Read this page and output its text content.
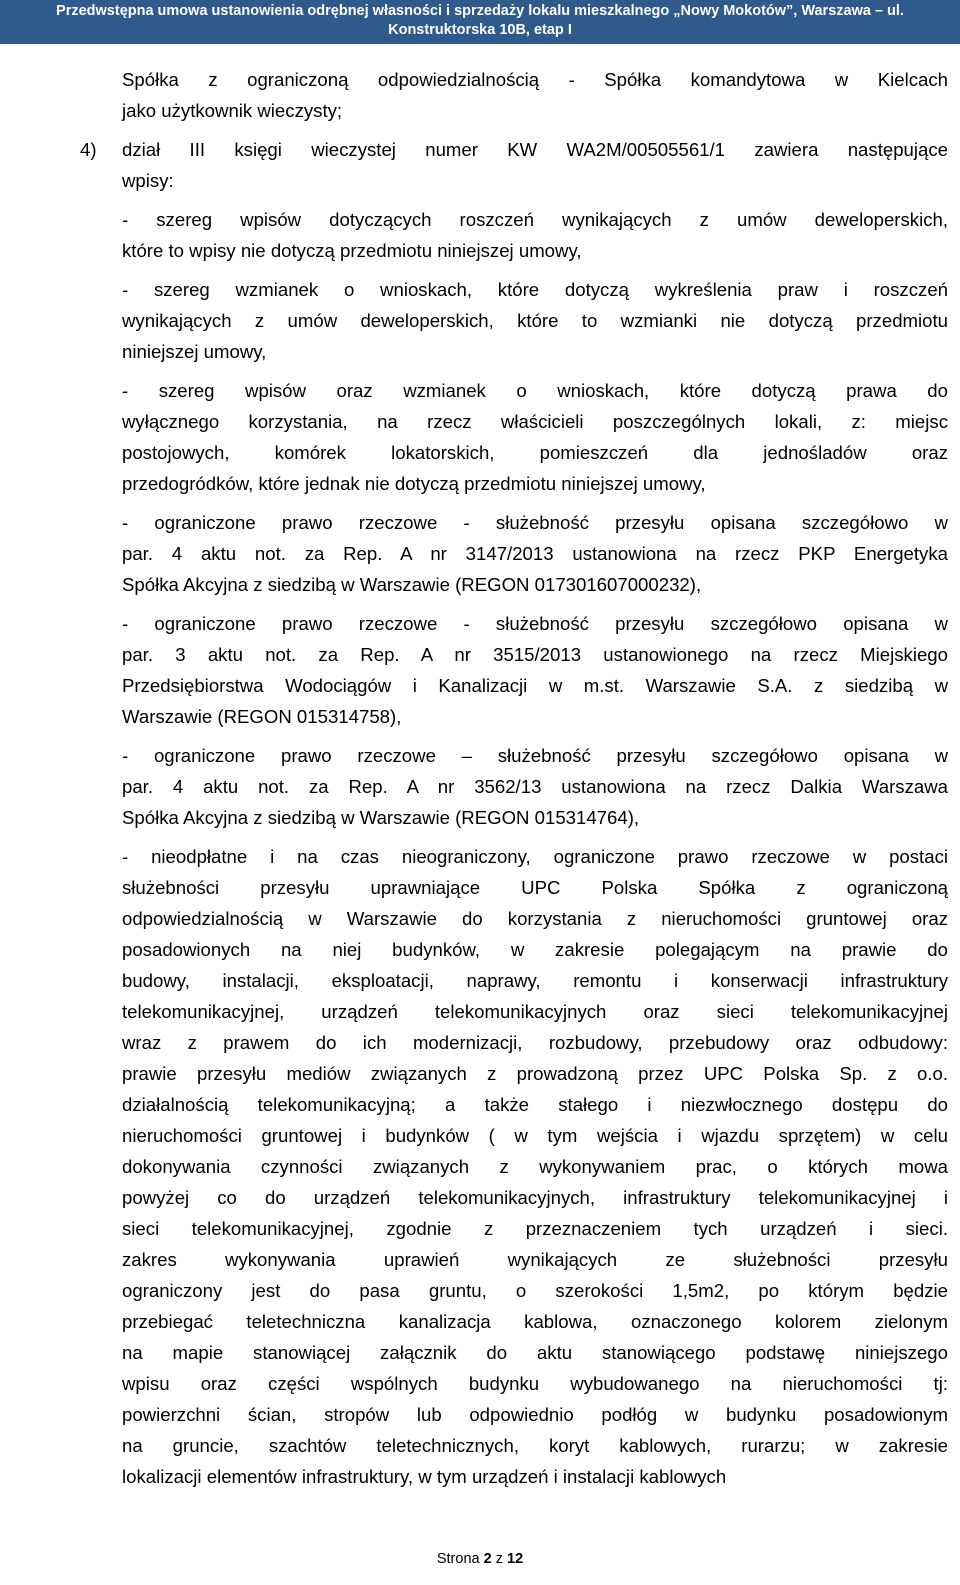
Przedwstępna umowa ustanowienia odrębnej własności i sprzedaży lokalu mieszkalnego „Nowy Mokotów”, Warszawa – ul.
Konstruktorska 10B, etap I
Spółka z ograniczoną odpowiedzialnością - Spółka komandytowa w Kielcach
jako użytkownik wieczysty;
4)	dział III księgi wieczystej numer KW WA2M/00505561/1 zawiera następujące
wpisy:
- szereg wpisów dotyczących roszczeń wynikających z umów deweloperskich,
które to wpisy nie dotyczą przedmiotu niniejszej umowy,
- szereg wzmianek o wnioskach, które dotyczą wykreślenia praw i roszczeń
wynikających z umów deweloperskich, które to wzmianki nie dotyczą przedmiotu
niniejszej umowy,
- szereg wpisów oraz wzmianek o wnioskach, które dotyczą prawa do
wyłącznego korzystania, na rzecz właścicieli poszczególnych lokali, z: miejsc
postojowych, komórek lokatorskich, pomieszczeń dla jednośladów oraz
przedogródków, które jednak nie dotyczą przedmiotu niniejszej umowy,
- ograniczone prawo rzeczowe - służebność przesyłu opisana szczegółowo w
par. 4 aktu not. za Rep. A nr 3147/2013 ustanowiona na rzecz PKP Energetyka
Spółka Akcyjna z siedzibą w Warszawie (REGON 017301607000232),
- ograniczone prawo rzeczowe - służebność przesyłu szczegółowo opisana w
par. 3 aktu not. za Rep. A nr 3515/2013 ustanowionego na rzecz Miejskiego
Przedsiębiorstwa Wodociągów i Kanalizacji w m.st. Warszawie S.A. z siedzibą w
Warszawie (REGON 015314758),
- ograniczone prawo rzeczowe – służebność przesyłu szczegółowo opisana w
par. 4 aktu not. za Rep. A nr 3562/13 ustanowiona na rzecz Dalkia Warszawa
Spółka Akcyjna z siedzibą w Warszawie (REGON 015314764),
- nieodpłatne i na czas nieograniczony, ograniczone prawo rzeczowe w postaci
służebności przesyłu uprawniające UPC Polska Spółka z ograniczoną
odpowiedzialnością w Warszawie do korzystania z nieruchomości gruntowej oraz
posadowionych na niej budynków, w zakresie polegającym na prawie do
budowy, instalacji, eksploatacji, naprawy, remontu i konserwacji infrastruktury
telekomunikacyjnej, urządzeń telekomunikacyjnych oraz sieci telekomunikacyjnej
wraz z prawem do ich modernizacji, rozbudowy, przebudowy oraz odbudowy:
prawie przesyłu mediów związanych z prowadzoną przez UPC Polska Sp. z o.o.
działalnością telekomunikacyjną; a także stałego i niezwłocznego dostępu do
nieruchomości gruntowej i budynków ( w tym wejścia i wjazdu sprzętem) w celu
dokonywania czynności związanych z wykonywaniem prac, o których mowa
powyżej co do urządzeń telekomunikacyjnych, infrastruktury telekomunikacyjnej i
sieci telekomunikacyjnej, zgodnie z przeznaczeniem tych urządzeń i sieci.
zakres wykonywania uprawień wynikających ze służebności przesyłu
ograniczony jest do pasa gruntu, o szerokości 1,5m2, po którym będzie
przebiegać teletechniczna kanalizacja kablowa, oznaczonego kolorem zielonym
na mapie stanowiącej załącznik do aktu stanowiącego podstawę niniejszego
wpisu oraz części wspólnych budynku wybudowanego na nieruchomości tj:
powierzchni ścian, stropów lub odpowiednio podłóg w budynku posadowionym
na gruncie, szachtów teletechnicznych, koryt kablowych, rurarzu; w zakresie
lokalizacji elementów infrastruktury, w tym urządzeń i instalacji kablowych
Strona 2 z 12
